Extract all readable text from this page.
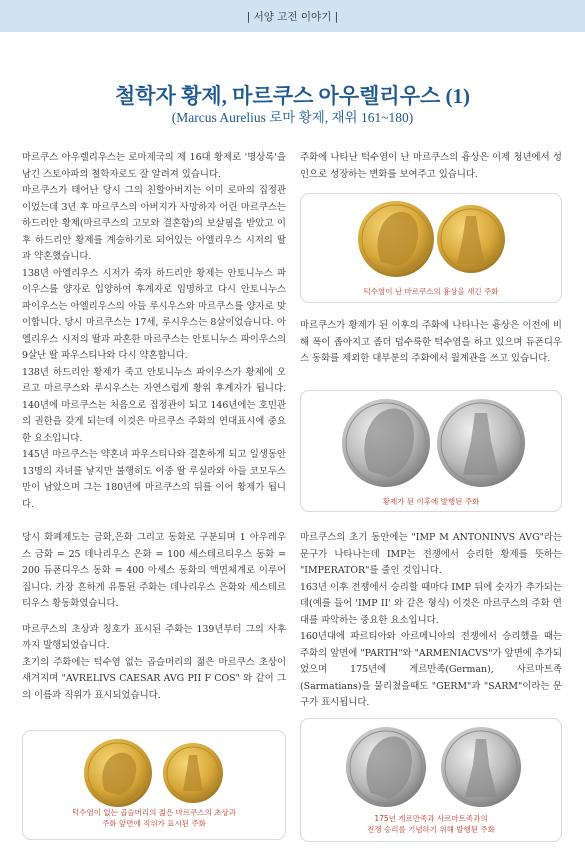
| 서양 고전 이야기 |
철학자 황제, 마르쿠스 아우렐리우스 (1)
(Marcus Aurelius 로마 황제, 재위 161~180)

마르쿠스 아우렐리우스는 로마제국의 제 16대 황제로 '명상록'을 남긴 스토아파의 철학자로도 잘 알려져 있습니다.

마르쿠스가 태어난 당시 그의 친할아버지는 이미 로마의 집정관이었는데 3년 후 마르쿠스의 아버지가 사망하자 어린 마르쿠스는 하드리안 황제(마르쿠스의 고모와 결혼함)의 보살핌을 받았고 이후 하드리안 황제를 계승하기로 되어있는 아엘리우스 시저의 딸과 약혼했습니다.

138년 아엘리우스 시저가 죽자 하드리안 황제는 안토니누스 파이우스를 양자로 입양하여 후계자로 임명하고 다시 안토니누스 파이우스는 아엘리우스의 아들 루시우스와 마르쿠스를 양자로 맞이합니다. 당시 마르쿠스는 17세, 루시우스는 8살이었습니다. 아엘리우스 시저의 딸과 파혼한 마르쿠스는 안토니누스 파이우스의 9살난 딸 파우스티나와 다시 약혼합니다.

138년 하드리안 황제가 죽고 안토니누스 파이우스가 황제에 오르고 마르쿠스와 루시우스는 자연스럽게 황위 후계자가 됩니다. 140년에 마르쿠스는 처음으로 집정관이 되고 146년에는 호민관의 권한을 갖게 되는데 이것은 마르쿠스 주화의 연대표시에 중요한 요소입니다.

145년 마르쿠스는 약혼녀 파우스티나와 결혼하게 되고 일생동안 13명의 자녀를 낳지만 불행히도 이중 딸 루실라와 아들 코모두스만이 남았으며 그는 180년에 마르쿠스의 뒤를 이어 황제가 됩니다.

당시 화폐제도는 금화,은화 그리고 동화로 구분되며 1 아우레우스 금화 = 25 데나리우스 은화 = 100 세스테르티우스 동화 = 200 듀폰디우스 동화 = 400 아세스 동화의 액면체계로 이루어집니다. 가장 흔하게 유통된 주화는 데나리우스 은화와 세스테르티우스 황동화였습니다.

마르쿠스의 초상과 칭호가 표시된 주화는 139년부터 그의 사후까지 발행되었습니다.

초기의 주화에는 턱수염 없는 곱슬머리의 젊은 마르쿠스 초상이 새겨지며 "AVRELIVS CAESAR AVG PII F COS" 와 같이 그의 이름과 직위가 표시되었습니다.

턱수염이 없는 곱슬머리의 젊은 마르쿠스의 초상과
주화 앞면에 직위가 표시된 주화

주화에 나타난 턱수염이 난 마르쿠스의 흉상은 이제 청년에서 성인으로 성장하는 변화를 보여주고 있습니다.

턱수염이 난 마르쿠스의 흉상을 새긴 주화

마르쿠스가 황제가 된 이후의 주화에 나타나는 흉상은 이전에 비해 폭이 좁아지고 좀더 덥수룩한 턱수염을 하고 있으며 듀폰디우스 동화를 제외한 대부분의 주화에서 월계관을 쓰고 있습니다.

황제가 된 이후에 발행된 주화

마르쿠스의 초기 동안에는 "IMP M ANTONINVS AVG"라는 문구가 나타나는데 IMP는 전쟁에서 승리한 황제를 뜻하는 "IMPERATOR"를 줄인 것입니다.

163년 이후 전쟁에서 승리할 때마다 IMP 뒤에 숫자가 추가되는데(예를 들어 'IMP II' 와 같은 형식) 이것은 마르쿠스의 주화 연대를 파악하는 중요한 요소입니다.

160년대에 파르티아와 아르메니아의 전쟁에서 승리했을 때는 주화의 앞면에 "PARTH"와 "ARMENIACVS"가 앞면에 추가되었으며 175년에 게르만족(German), 사르마트족(Sarmatians)을 물리쳤을때도 "GERM"과 "SARM"이라는 문구가 표시됩니다.

175년 게르만족과 사르마트족과의
전쟁 승리를 기념하기 위해 발행된 주화
